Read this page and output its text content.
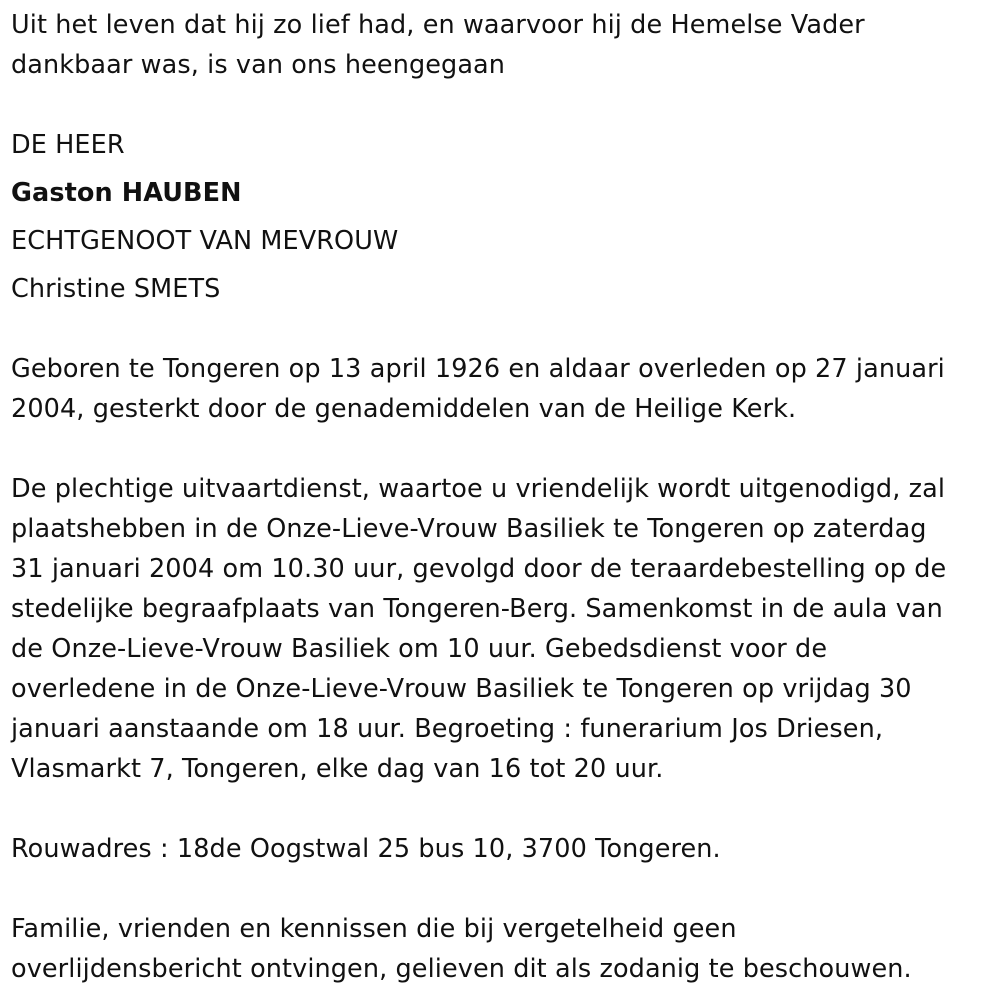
Uit het leven dat hij zo lief had, en waarvoor hij de Hemelse Vader
dankbaar was, is van ons heengegaan
DE HEER
Gaston HAUBEN
ECHTGENOOT VAN MEVROUW
Christine SMETS
Geboren te Tongeren op 13 april 1926 en aldaar overleden op 27 januari
2004, gesterkt door de genademiddelen van de Heilige Kerk.
De plechtige uitvaartdienst, waartoe u vriendelijk wordt uitgenodigd, zal
plaatshebben in de Onze-Lieve-Vrouw Basiliek te Tongeren op zaterdag
31 januari 2004 om 10.30 uur, gevolgd door de teraardebestelling op de
stedelijke begraafplaats van Tongeren-Berg. Samenkomst in de aula van
de Onze-Lieve-Vrouw Basiliek om 10 uur. Gebedsdienst voor de
overledene in de Onze-Lieve-Vrouw Basiliek te Tongeren op vrijdag 30
januari aanstaande om 18 uur. Begroeting : funerarium Jos Driesen,
Vlasmarkt 7, Tongeren, elke dag van 16 tot 20 uur.
Rouwadres : 18de Oogstwal 25 bus 10, 3700 Tongeren.
Familie, vrienden en kennissen die bij vergetelheid geen
overlijdensbericht ontvingen, gelieven dit als zodanig te beschouwen.
